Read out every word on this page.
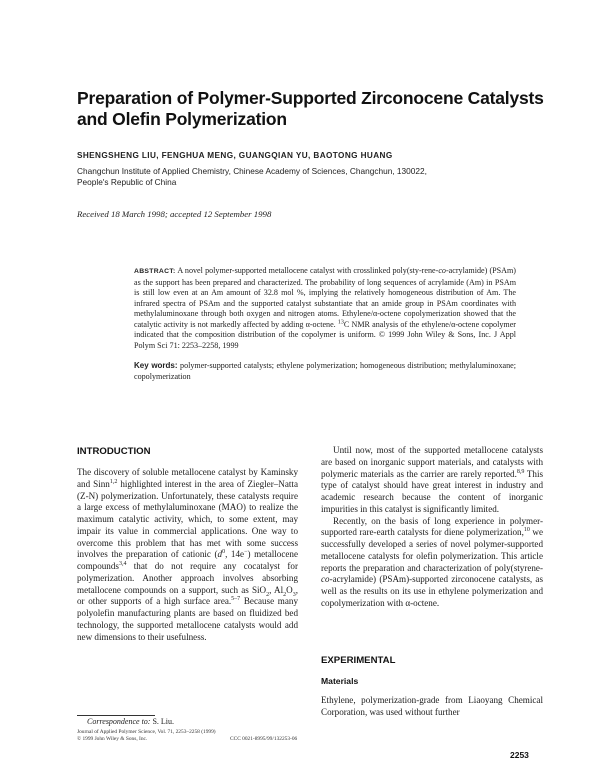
Preparation of Polymer-Supported Zirconocene Catalysts
and Olefin Polymerization
SHENGSHENG LIU, FENGHUA MENG, GUANGQIAN YU, BAOTONG HUANG
Changchun Institute of Applied Chemistry, Chinese Academy of Sciences, Changchun, 130022,
People's Republic of China
Received 18 March 1998; accepted 12 September 1998
ABSTRACT: A novel polymer-supported metallocene catalyst with crosslinked poly(sty-rene-co-acrylamide) (PSAm) as the support has been prepared and characterized. The probability of long sequences of acrylamide (Am) in PSAm is still low even at an Am amount of 32.8 mol %, implying the relatively homogeneous distribution of Am. The infrared spectra of PSAm and the supported catalyst substantiate that an amide group in PSAm coordinates with methylaluminoxane through both oxygen and nitrogen atoms. Ethylene/α-octene copolymerization showed that the catalytic activity is not markedly affected by adding α-octene. $^{13}$C NMR analysis of the ethylene/α-octene copolymer indicated that the composition distribution of the copolymer is uniform. © 1999 John Wiley & Sons, Inc. J Appl Polym Sci 71: 2253–2258, 1999
Key words: polymer-supported catalysts; ethylene polymerization; homogeneous distribution; methylaluminoxane; copolymerization
INTRODUCTION

The discovery of soluble metallocene catalyst by Kaminsky and Sinn$^{1,2}$ highlighted interest in the area of Ziegler–Natta (Z-N) polymerization. Unfortunately, these catalysts require a large excess of methylaluminoxane (MAO) to realize the maximum catalytic activity, which, to some extent, may impair its value in commercial applications. One way to overcome this problem that has met with some success involves the preparation of cationic ($d^0$, 14e−) metallocene compounds$^{3,4}$ that do not require any cocatalyst for polymerization. Another approach involves absorbing metallocene compounds on a support, such as SiO$_2$, $Al_2O_3$, or other supports of a high surface area.$^{5-7}$ Because many polyolefin manufacturing plants are based on fluidized bed technology, the supported metallocene catalysts would add new dimensions to their usefulness.

Until now, most of the supported metallocene catalysts are based on inorganic support materials, and catalysts with polymeric materials as the carrier are rarely reported.$^{8,9}$ This type of catalyst should have great interest in industry and academic research because the content of inorganic impurities in this catalyst is significantly limited.

Recently, on the basis of long experience in polymer-supported rare-earth catalysts for diene polymerization,$^{10}$ we successfully developed a series of novel polymer-supported metallocene catalysts for olefin polymerization. This article reports the preparation and characterization of poly(styrene-co-acrylamide) (PSAm)-supported zirconocene catalysts, as well as the results on its use in ethylene polymerization and copolymerization with α-octene.

EXPERIMENTAL
Materials
Ethylene, polymerization-grade from Liaoyang Chemical Corporation, was used without further
Correspondence to: S. Liu.
Journal of Applied Polymer Science, Vol. 71, 2253–2258 (1999)
© 1999 John Wiley & Sons, Inc.	CCC 0021-8995/99/132253-06
2253
